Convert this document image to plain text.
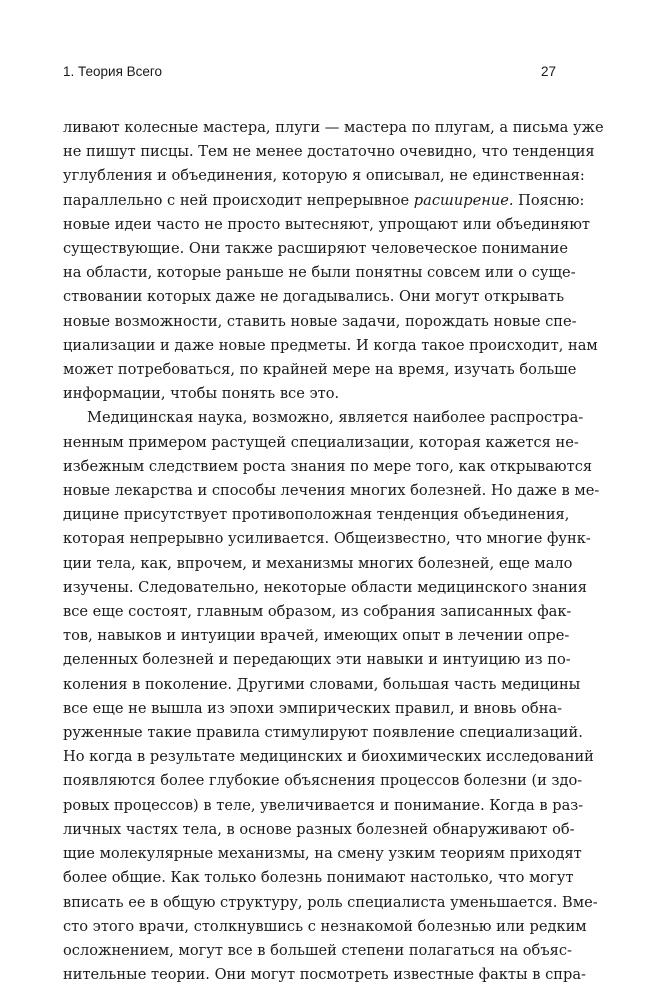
1. Теория Всего	27

ливают колесные мастера, плуги — мастера по плугам, а письма уже
не пишут писцы. Тем не менее достаточно очевидно, что тенденция
углубления и объединения, которую я описывал, не единственная:
параллельно с ней происходит непрерывное расширение. Поясню:
новые идеи часто не просто вытесняют, упрощают или объединяют
существующие. Они также расширяют человеческое понимание
на области, которые раньше не были понятны совсем или о суще-
ствовании которых даже не догадывались. Они могут открывать
новые возможности, ставить новые задачи, порождать новые спе-
циализации и даже новые предметы. И когда такое происходит, нам
может потребоваться, по крайней мере на время, изучать больше
информации, чтобы понять все это.

Медицинская наука, возможно, является наиболее распростра-
ненным примером растущей специализации, которая кажется не-
избежным следствием роста знания по мере того, как открываются
новые лекарства и способы лечения многих болезней. Но даже в ме-
дицине присутствует противоположная тенденция объединения,
которая непрерывно усиливается. Общеизвестно, что многие функ-
ции тела, как, впрочем, и механизмы многих болезней, еще мало
изучены. Следовательно, некоторые области медицинского знания
все еще состоят, главным образом, из собрания записанных фак-
тов, навыков и интуиции врачей, имеющих опыт в лечении опре-
деленных болезней и передающих эти навыки и интуицию из по-
коления в поколение. Другими словами, большая часть медицины
все еще не вышла из эпохи эмпирических правил, и вновь обна-
руженные такие правила стимулируют появление специализаций.
Но когда в результате медицинских и биохимических исследований
появляются более глубокие объяснения процессов болезни (и здо-
ровых процессов) в теле, увеличивается и понимание. Когда в раз-
личных частях тела, в основе разных болезней обнаруживают об-
щие молекулярные механизмы, на смену узким теориям приходят
более общие. Как только болезнь понимают настолько, что могут
вписать ее в общую структуру, роль специалиста уменьшается. Вме-
сто этого врачи, столкнувшись с незнакомой болезнью или редким
осложнением, могут все в большей степени полагаться на объяс-
нительные теории. Они могут посмотреть известные факты в спра-
